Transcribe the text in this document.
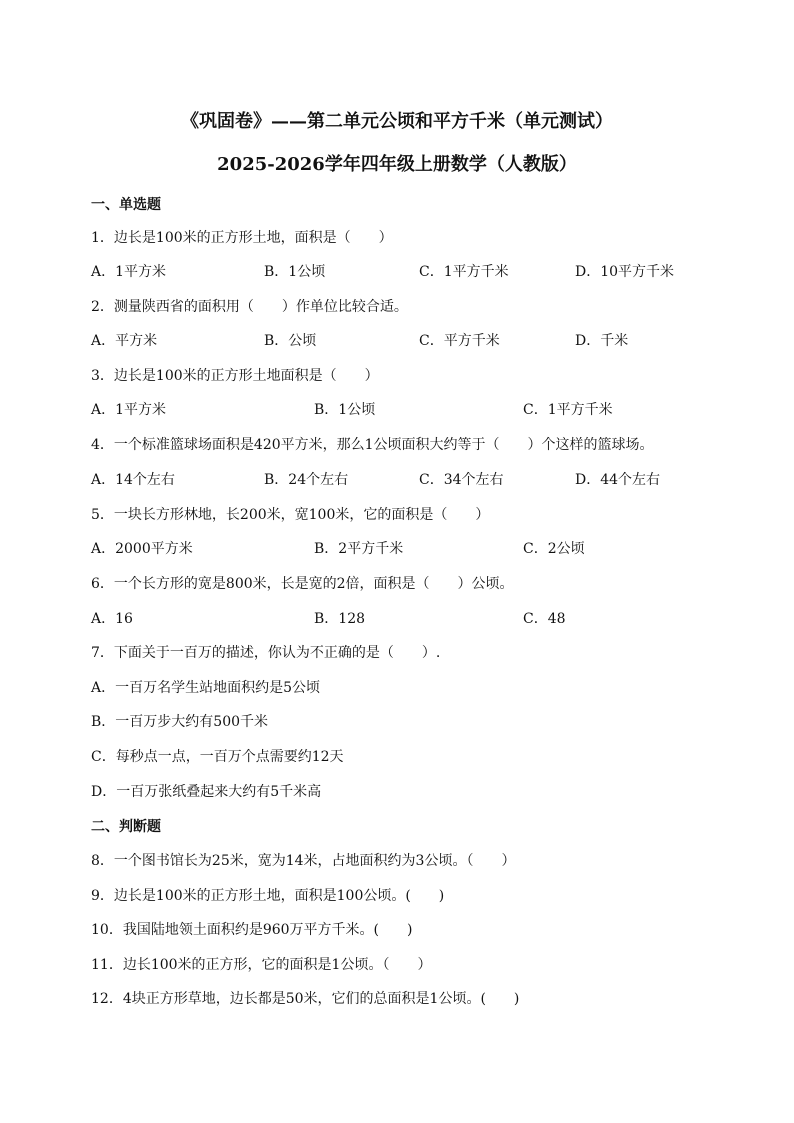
《巩固卷》——第二单元公顷和平方千米（单元测试）
2025-2026学年四年级上册数学（人教版）
一、单选题
1．边长是100米的正方形土地，面积是（　　）
A．1平方米	B．1公顷	C．1平方千米	D．10平方千米
2．测量陕西省的面积用（　　）作单位比较合适。
A．平方米	B．公顷	C．平方千米	D．千米
3．边长是100米的正方形土地面积是（　　）
A．1平方米	B．1公顷	C．1平方千米
4．一个标准篮球场面积是420平方米，那么1公顷面积大约等于（　　）个这样的篮球场。
A．14个左右	B．24个左右	C．34个左右	D．44个左右
5．一块长方形林地，长200米，宽100米，它的面积是（　　）
A．2000平方米	B．2平方千米	C．2公顷
6．一个长方形的宽是800米，长是宽的2倍，面积是（　　）公顷。
A．16	B．128	C．48
7．下面关于一百万的描述，你认为不正确的是（　　）.
A．一百万名学生站地面积约是5公顷
B．一百万步大约有500千米
C．每秒点一点，一百万个点需要约12天
D．一百万张纸叠起来大约有5千米高
二、判断题
8．一个图书馆长为25米，宽为14米，占地面积约为3公顷。（　　）
9．边长是100米的正方形土地，面积是100公顷。(　　)
10．我国陆地领土面积约是960万平方千米。(　　)
11．边长100米的正方形，它的面积是1公顷。（　　）
12．4块正方形草地，边长都是50米，它们的总面积是1公顷。(　　)
